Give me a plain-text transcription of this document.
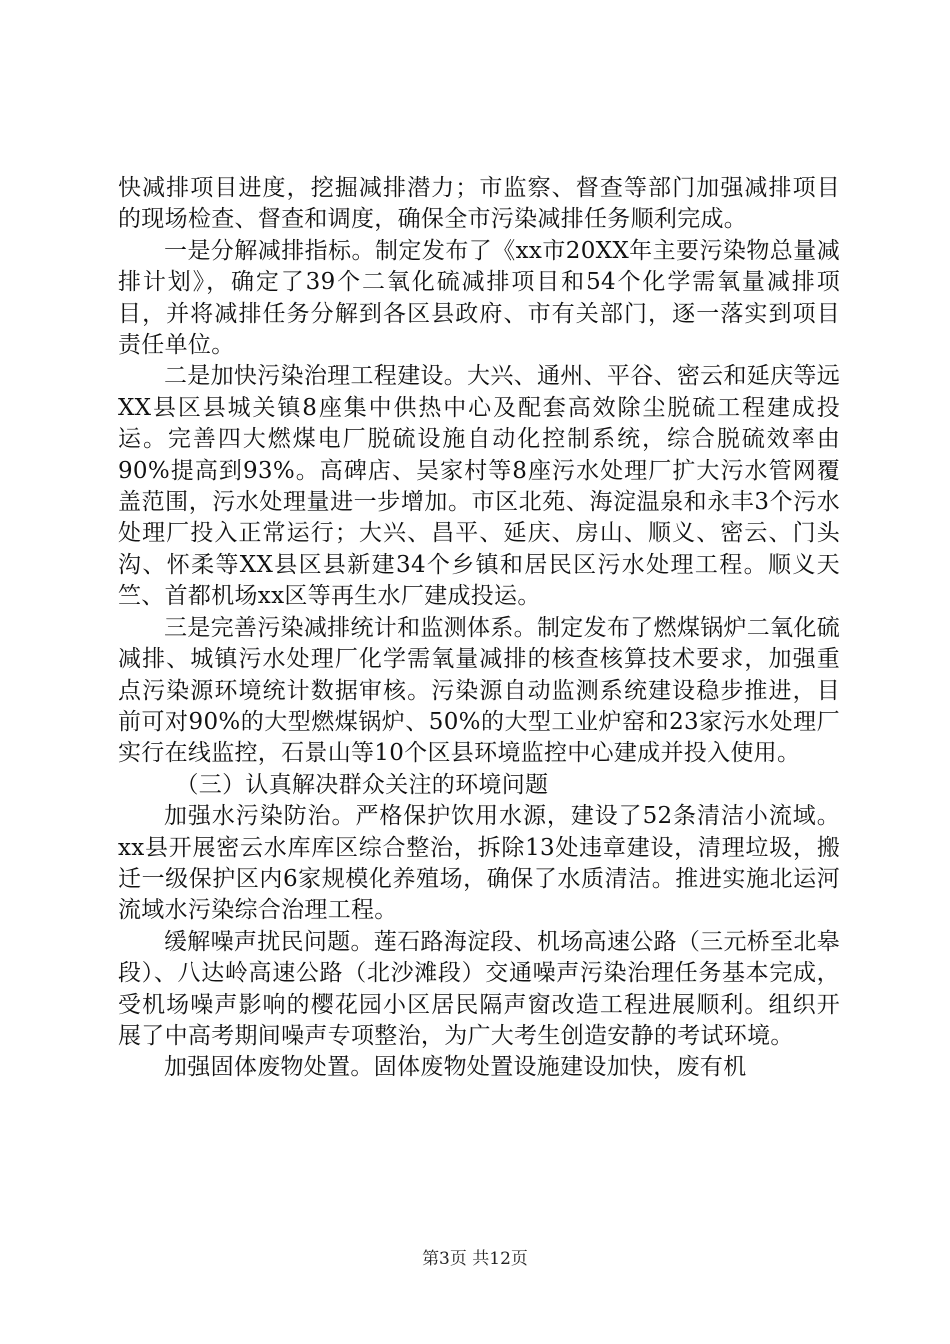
快减排项目进度，挖掘减排潜力；市监察、督查等部门加强减排项目的现场检查、督查和调度，确保全市污染减排任务顺利完成。

一是分解减排指标。制定发布了《xx市20XX年主要污染物总量减排计划》，确定了39个二氧化硫减排项目和54个化学需氧量减排项目，并将减排任务分解到各区县政府、市有关部门，逐一落实到项目责任单位。

二是加快污染治理工程建设。大兴、通州、平谷、密云和延庆等远XX县区县城关镇8座集中供热中心及配套高效除尘脱硫工程建成投运。完善四大燃煤电厂脱硫设施自动化控制系统，综合脱硫效率由90%提高到93%。高碑店、吴家村等8座污水处理厂扩大污水管网覆盖范围，污水处理量进一步增加。市区北苑、海淀温泉和永丰3个污水处理厂投入正常运行；大兴、昌平、延庆、房山、顺义、密云、门头沟、怀柔等XX县区县新建34个乡镇和居民区污水处理工程。顺义天竺、首都机场xx区等再生水厂建成投运。

三是完善污染减排统计和监测体系。制定发布了燃煤锅炉二氧化硫减排、城镇污水处理厂化学需氧量减排的核查核算技术要求，加强重点污染源环境统计数据审核。污染源自动监测系统建设稳步推进，目前可对90%的大型燃煤锅炉、50%的大型工业炉窑和23家污水处理厂实行在线监控，石景山等10个区县环境监控中心建成并投入使用。

（三）认真解决群众关注的环境问题

加强水污染防治。严格保护饮用水源，建设了52条清洁小流域。xx县开展密云水库库区综合整治，拆除13处违章建设，清理垃圾，搬迁一级保护区内6家规模化养殖场，确保了水质清洁。推进实施北运河流域水污染综合治理工程。

缓解噪声扰民问题。莲石路海淀段、机场高速公路（三元桥至北皋段）、八达岭高速公路（北沙滩段）交通噪声污染治理任务基本完成，受机场噪声影响的樱花园小区居民隔声窗改造工程进展顺利。组织开展了中高考期间噪声专项整治，为广大考生创造安静的考试环境。

加强固体废物处置。固体废物处置设施建设加快，废有机

第3页 共12页
